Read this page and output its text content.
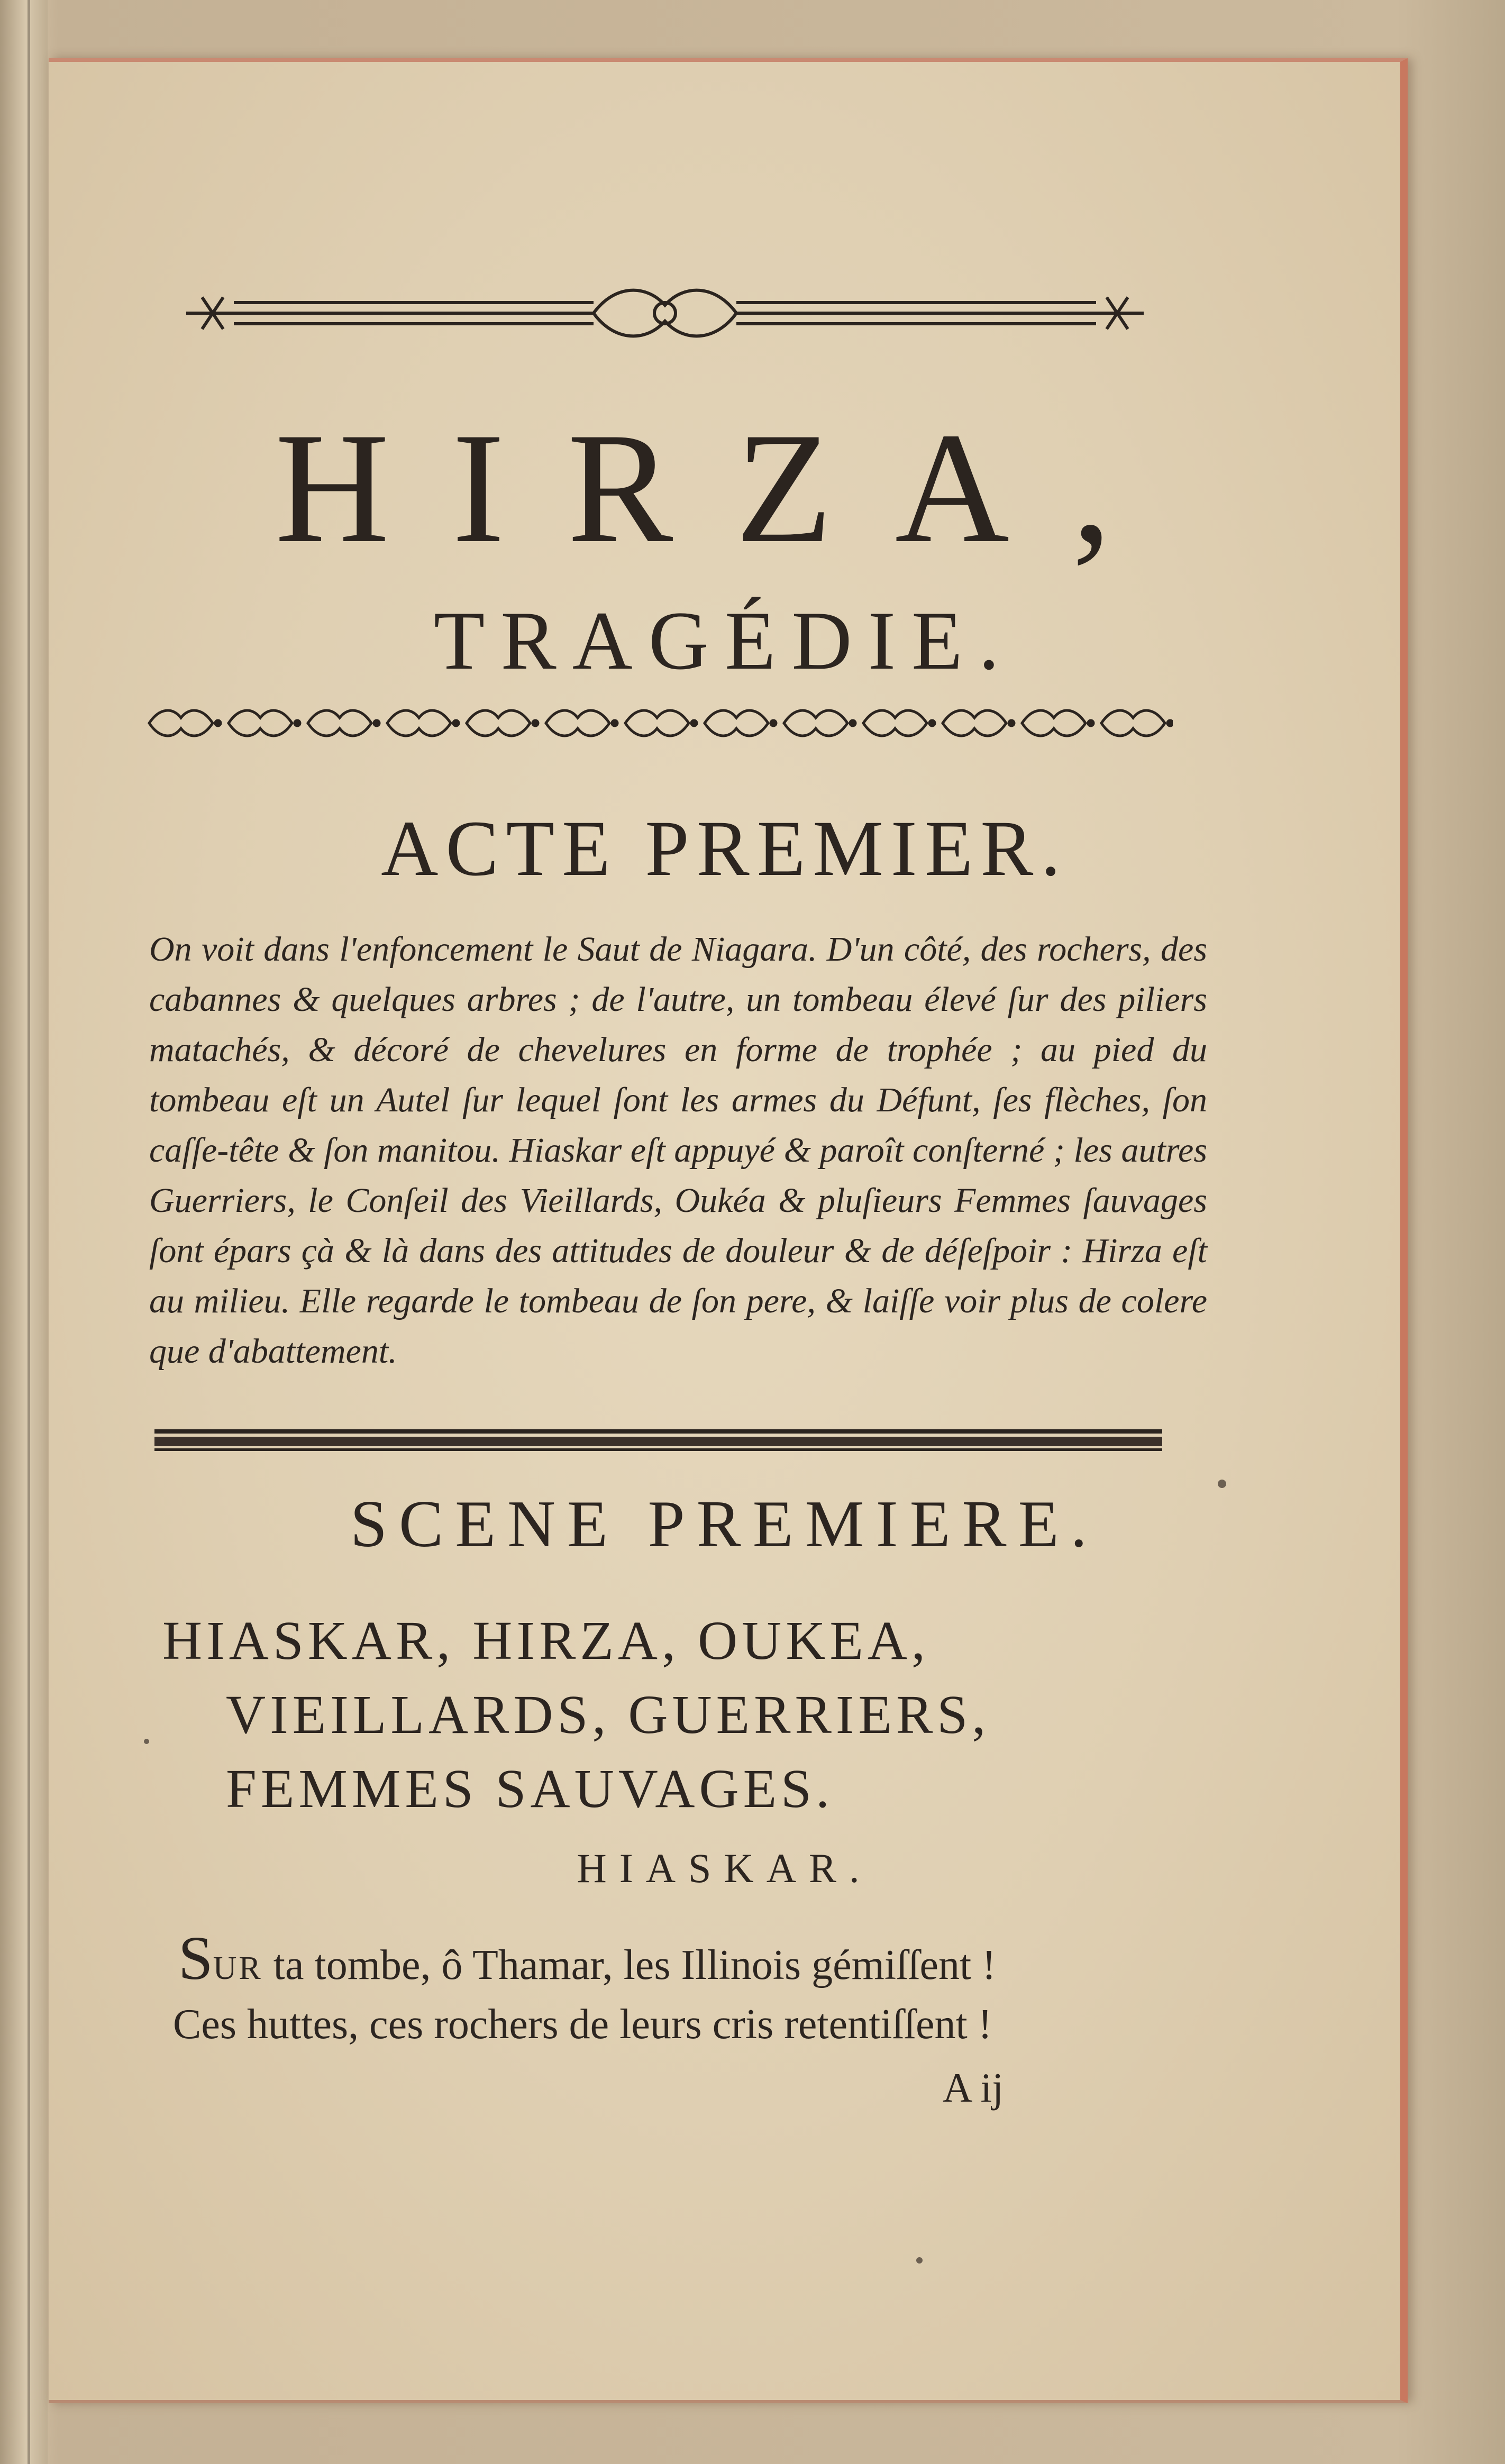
HIRZA,
TRAGÉDIE.
ACTE PREMIER.
On voit dans l'enfoncement le Saut de Niagara. D'un côté, des rochers, des cabannes & quelques arbres ; de l'autre, un tombeau élevé ſur des piliers matachés, & décoré de chevelures en forme de trophée ; au pied du tombeau eſt un Autel ſur lequel ſont les armes du Défunt, ſes flèches, ſon caſſe-tête & ſon manitou. Hiaskar eſt appuyé & paroît conſterné ; les autres Guerriers, le Conſeil des Vieillards, Oukéa & pluſieurs Femmes ſauvages ſont épars çà & là dans des attitudes de douleur & de déſeſpoir : Hirza eſt au milieu. Elle regarde le tombeau de ſon pere, & laiſſe voir plus de colere que d'abattement.
SCENE PREMIERE.
HIASKAR, HIRZA, OUKEA,
VIEILLARDS, GUERRIERS,
FEMMES SAUVAGES.
HIASKAR.
SUR ta tombe, ô Thamar, les Illinois gémiſſent !
Ces huttes, ces rochers de leurs cris retentiſſent !
A ij
